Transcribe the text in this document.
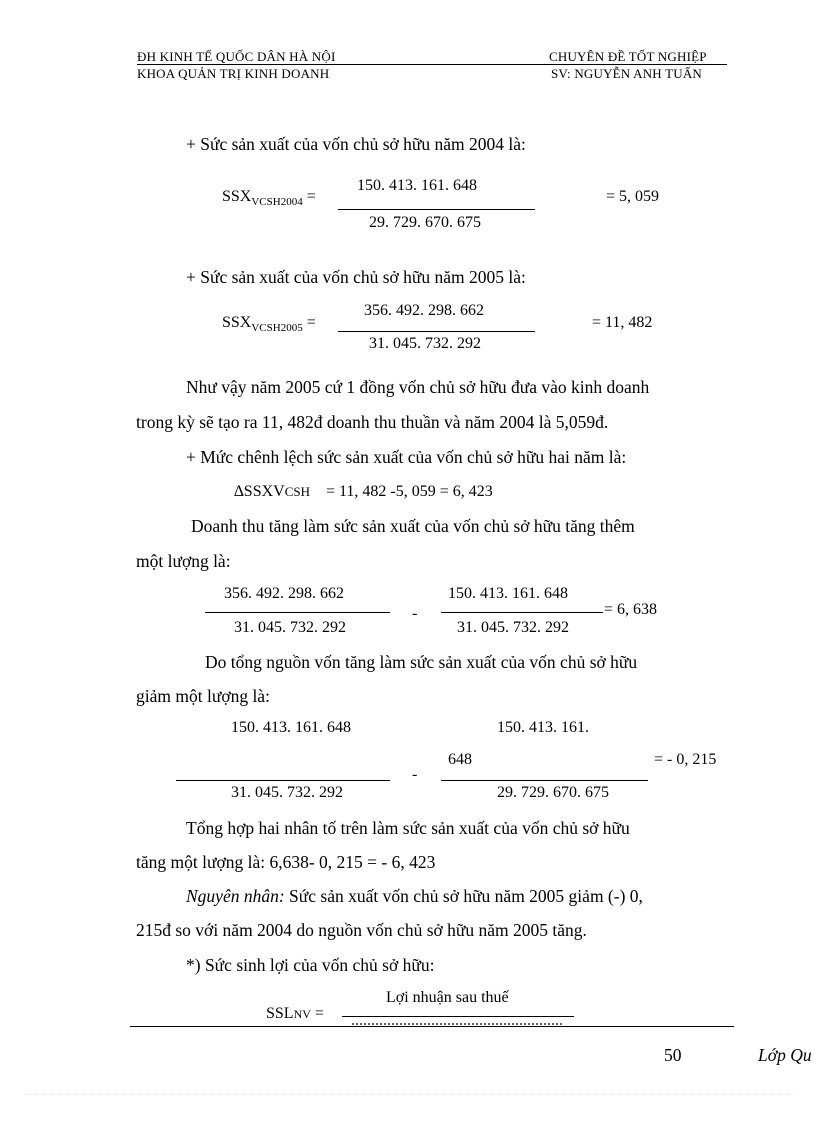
ĐH KINH TẾ QUỐC DÂN HÀ NỘI	CHUYÊN ĐỀ TỐT NGHIỆP
KHOA QUẢN TRỊ KINH DOANH	SV: NGUYỄN ANH TUẤN
+ Sức sản xuất của vốn chủ sở hữu năm 2004 là:
$SSX_{VCSH2004}$ =
150. 413. 161. 648
29. 729. 670. 675
= 5, 059
+ Sức sản xuất của vốn chủ sở hữu năm 2005 là:
$SSX_{VCSH2005}$ =
356. 492. 298. 662
31. 045. 732. 292
= 11, 482
Như vậy năm 2005 cứ 1 đồng vốn chủ sở hữu đưa vào kinh doanh
trong kỳ sẽ tạo ra 11, 482đ doanh thu thuần và năm 2004 là 5,059đ.
+ Mức chênh lệch sức sản xuất của vốn chủ sở hữu hai năm là:
∆SSXVCSH = 11, 482 -5, 059 = 6, 423
Doanh thu tăng làm sức sản xuất của vốn chủ sở hữu tăng thêm
một lượng là:
356. 492. 298. 662
31. 045. 732. 292
-
150. 413. 161. 648
31. 045. 732. 292
= 6, 638
Do tổng nguồn vốn tăng làm sức sản xuất của vốn chủ sở hữu
giảm một lượng là:
150. 413. 161. 648
31. 045. 732. 292
-
150. 413. 161.
648
29. 729. 670. 675
= - 0, 215
Tổng hợp hai nhân tố trên làm sức sản xuất của vốn chủ sở hữu
tăng một lượng là: 6,638- 0, 215 = - 6, 423
Nguyên nhân: Sức sản xuất vốn chủ sở hữu năm 2005 giảm (-) 0,
215đ so với năm 2004 do nguồn vốn chủ sở hữu năm 2005 tăng.
*) Sức sinh lợi của vốn chủ sở hữu:
Lợi nhuận sau thuế
SSLNV =
50	Lớp Qu
